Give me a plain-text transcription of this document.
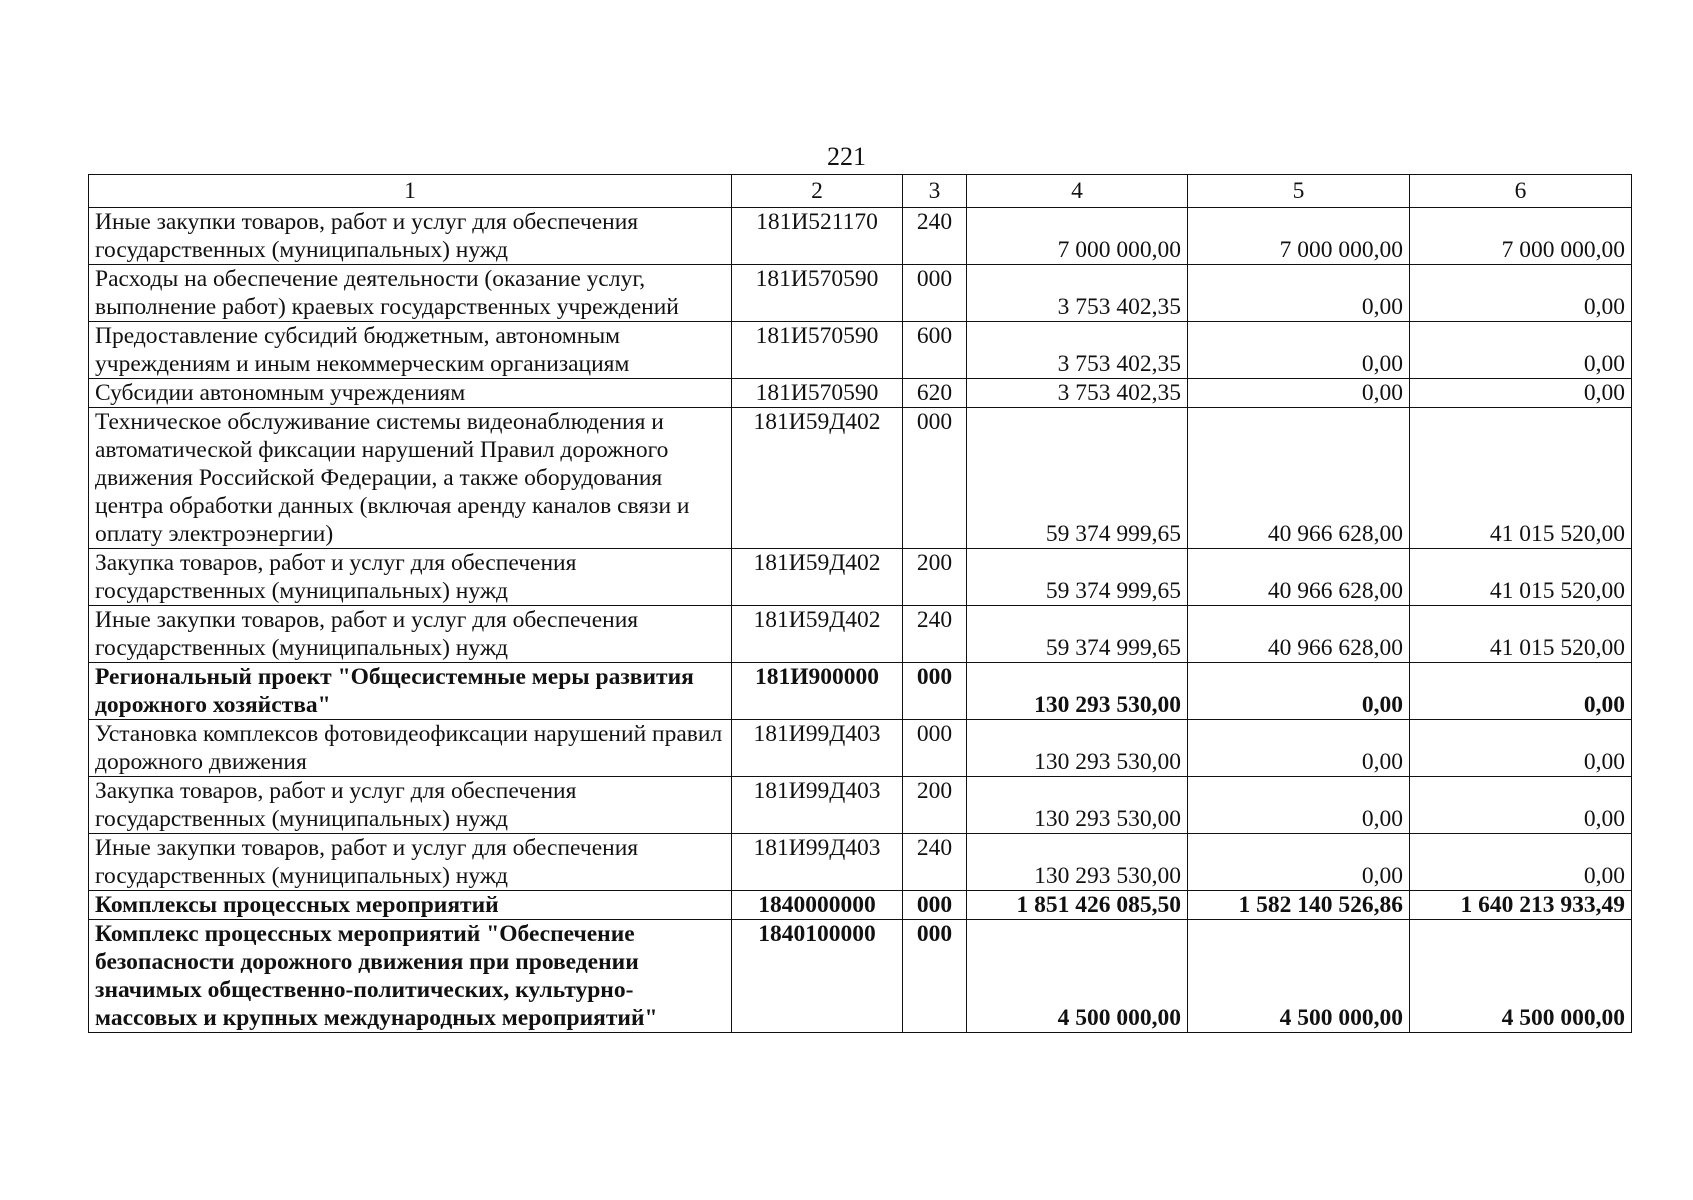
221
1	2	3	4	5	6
Иные закупки товаров, работ и услуг для обеспечения государственных (муниципальных) нужд	181И521170	240	7 000 000,00	7 000 000,00	7 000 000,00
Расходы на обеспечение деятельности (оказание услуг, выполнение работ) краевых государственных учреждений	181И570590	000	3 753 402,35	0,00	0,00
Предоставление субсидий бюджетным, автономным учреждениям и иным некоммерческим организациям	181И570590	600	3 753 402,35	0,00	0,00
Субсидии автономным учреждениям	181И570590	620	3 753 402,35	0,00	0,00
Техническое обслуживание системы видеонаблюдения и автоматической фиксации нарушений Правил дорожного движения Российской Федерации, а также оборудования центра обработки данных (включая аренду каналов связи и оплату электроэнергии)	181И59Д402	000	59 374 999,65	40 966 628,00	41 015 520,00
Закупка товаров, работ и услуг для обеспечения государственных (муниципальных) нужд	181И59Д402	200	59 374 999,65	40 966 628,00	41 015 520,00
Иные закупки товаров, работ и услуг для обеспечения государственных (муниципальных) нужд	181И59Д402	240	59 374 999,65	40 966 628,00	41 015 520,00
Региональный проект "Общесистемные меры развития дорожного хозяйства"	181И900000	000	130 293 530,00	0,00	0,00
Установка комплексов фотовидеофиксации нарушений правил дорожного движения	181И99Д403	000	130 293 530,00	0,00	0,00
Закупка товаров, работ и услуг для обеспечения государственных (муниципальных) нужд	181И99Д403	200	130 293 530,00	0,00	0,00
Иные закупки товаров, работ и услуг для обеспечения государственных (муниципальных) нужд	181И99Д403	240	130 293 530,00	0,00	0,00
Комплексы процессных мероприятий	1840000000	000	1 851 426 085,50	1 582 140 526,86	1 640 213 933,49
Комплекс процессных мероприятий "Обеспечение безопасности дорожного движения при проведении значимых общественно-политических, культурно-массовых и крупных международных мероприятий"	1840100000	000	4 500 000,00	4 500 000,00	4 500 000,00
